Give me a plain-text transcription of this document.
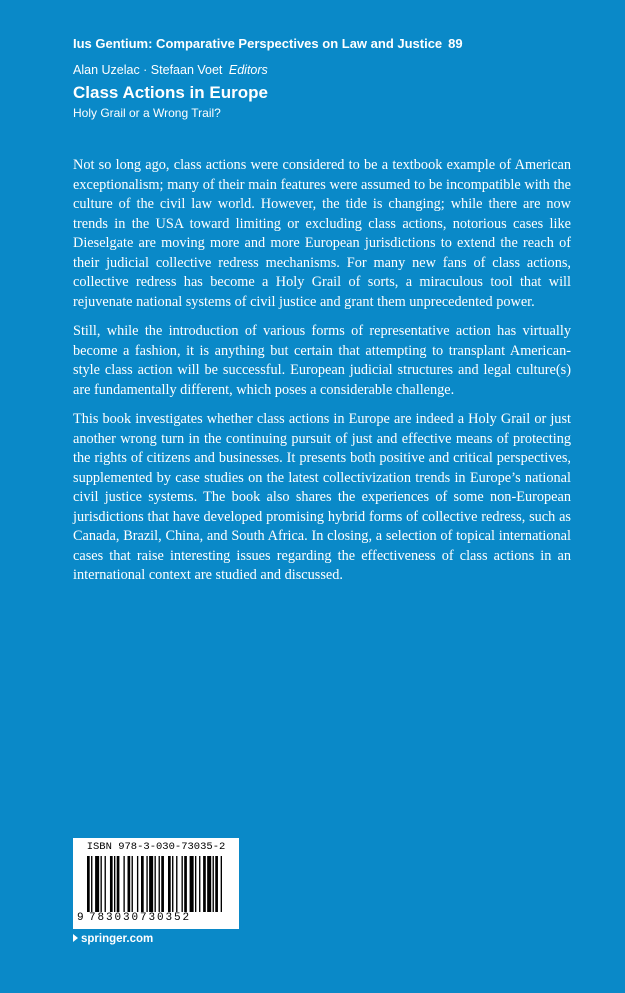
Ius Gentium: Comparative Perspectives on Law and Justice 89
Alan Uzelac · Stefaan Voet Editors
Class Actions in Europe
Holy Grail or a Wrong Trail?

Not so long ago, class actions were considered to be a textbook example of American exceptionalism; many of their main features were assumed to be incompatible with the culture of the civil law world. However, the tide is changing; while there are now trends in the USA toward limiting or excluding class actions, notorious cases like Dieselgate are moving more and more European jurisdictions to extend the reach of their judicial collective redress mechanisms. For many new fans of class actions, collective redress has become a Holy Grail of sorts, a miraculous tool that will rejuvenate national systems of civil justice and grant them unprecedented power.

Still, while the introduction of various forms of representative action has virtually become a fashion, it is anything but certain that attempting to transplant American-style class action will be successful. European judicial structures and legal culture(s) are fundamentally different, which poses a considerable challenge.

This book investigates whether class actions in Europe are indeed a Holy Grail or just another wrong turn in the continuing pursuit of just and effective means of protecting the rights of citizens and businesses. It presents both positive and critical perspectives, supplemented by case studies on the latest collectivization trends in Europe’s national civil justice systems. The book also shares the experiences of some non-European jurisdictions that have developed promising hybrid forms of collective redress, such as Canada, Brazil, China, and South Africa. In closing, a selection of topical international cases that raise interesting issues regarding the effectiveness of class actions in an international context are studied and discussed.

ISBN 978-3-030-73035-2
9 783030730352
springer.com
